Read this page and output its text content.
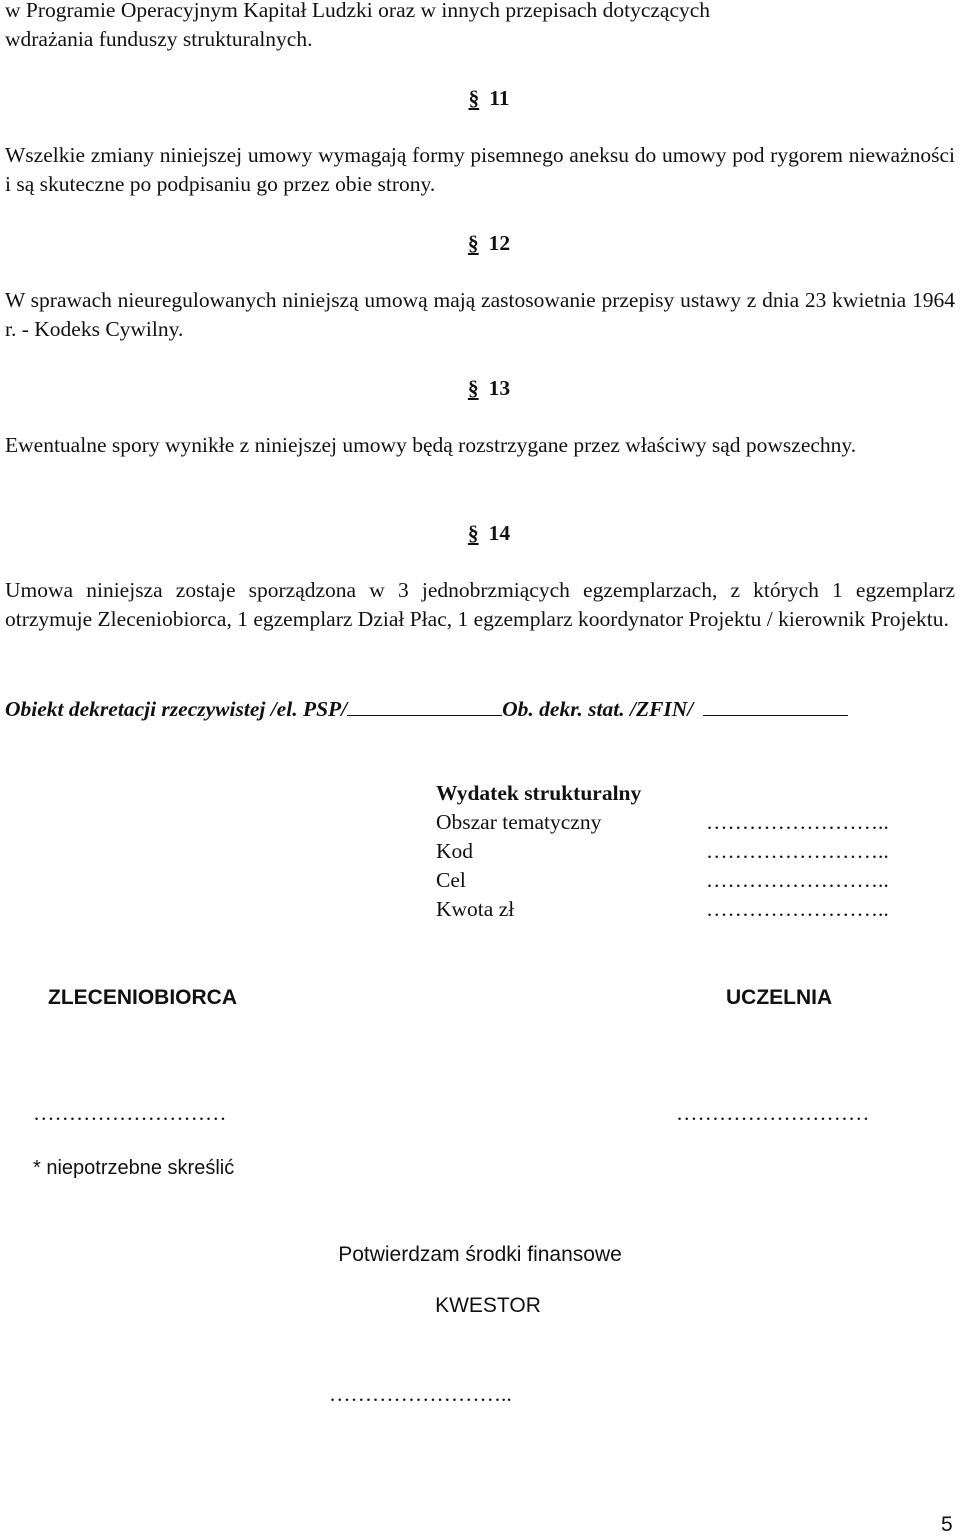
w Programie Operacyjnym Kapitał Ludzki oraz w innych przepisach dotyczących
wdrażania funduszy strukturalnych.
§ 11
Wszelkie zmiany niniejszej umowy wymagają formy pisemnego aneksu do umowy pod rygorem nieważności i są skuteczne po podpisaniu go przez obie strony.
§ 12
W sprawach nieuregulowanych niniejszą umową mają zastosowanie przepisy ustawy z dnia 23 kwietnia 1964 r. - Kodeks Cywilny.
§ 13
Ewentualne spory wynikłe z niniejszej umowy będą rozstrzygane przez właściwy sąd powszechny.
§ 14
Umowa niniejsza zostaje sporządzona w 3 jednobrzmiących egzemplarzach, z których 1 egzemplarz otrzymuje Zleceniobiorca, 1 egzemplarz Dział Płac, 1 egzemplarz koordynator Projektu / kierownik Projektu.
Obiekt dekretacji rzeczywistej /el. PSP/	Ob. dekr. stat. /ZFIN/
Wydatek strukturalny
Obszar tematyczny	……………………..
Kod	……………………..
Cel	……………………..
Kwota zł	……………………..
ZLECENIOBIORCA	UCZELNIA
………………………	………………………
* niepotrzebne skreślić
Potwierdzam środki finansowe
KWESTOR
……………………..
5
